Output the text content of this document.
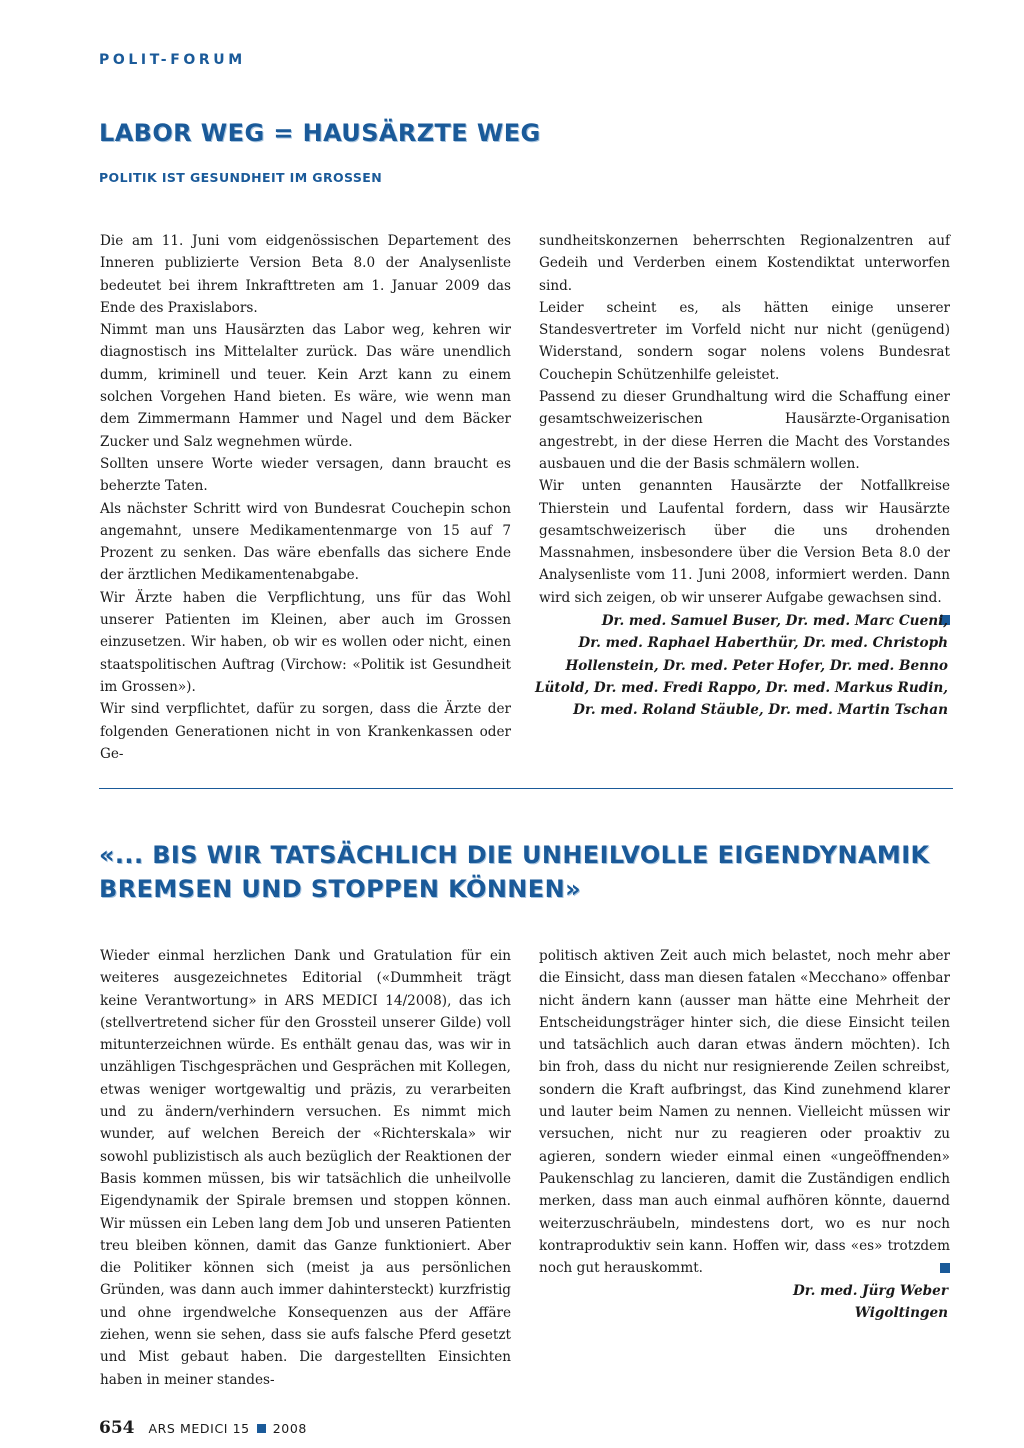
POLIT-FORUM
LABOR WEG = HAUSÄRZTE WEG
POLITIK IST GESUNDHEIT IM GROSSEN

Die am 11. Juni vom eidgenössischen Departement des Inneren publizierte Version Beta 8.0 der Analysenliste bedeutet bei ihrem Inkrafttreten am 1. Januar 2009 das Ende des Praxislabors.

Nimmt man uns Hausärzten das Labor weg, kehren wir diagnostisch ins Mittelalter zurück. Das wäre unendlich dumm, kriminell und teuer. Kein Arzt kann zu einem solchen Vorgehen Hand bieten. Es wäre, wie wenn man dem Zimmermann Hammer und Nagel und dem Bäcker Zucker und Salz wegnehmen würde.

Sollten unsere Worte wieder versagen, dann braucht es beherzte Taten.

Als nächster Schritt wird von Bundesrat Couchepin schon angemahnt, unsere Medikamentenmarge von 15 auf 7 Prozent zu senken. Das wäre ebenfalls das sichere Ende der ärztlichen Medikamentenabgabe.

Wir Ärzte haben die Verpflichtung, uns für das Wohl unserer Patienten im Kleinen, aber auch im Grossen einzusetzen. Wir haben, ob wir es wollen oder nicht, einen staatspolitischen Auftrag (Virchow: «Politik ist Gesundheit im Grossen»).

Wir sind verpflichtet, dafür zu sorgen, dass die Ärzte der folgenden Generationen nicht in von Krankenkassen oder Ge-

sundheitskonzernen beherrschten Regionalzentren auf Gedeih und Verderben einem Kostendiktat unterworfen sind.

Leider scheint es, als hätten einige unserer Standesvertreter im Vorfeld nicht nur nicht (genügend) Widerstand, sondern sogar nolens volens Bundesrat Couchepin Schützenhilfe geleistet.

Passend zu dieser Grundhaltung wird die Schaffung einer gesamtschweizerischen Hausärzte-Organisation angestrebt, in der diese Herren die Macht des Vorstandes ausbauen und die der Basis schmälern wollen.

Wir unten genannten Hausärzte der Notfallkreise Thierstein und Laufental fordern, dass wir Hausärzte gesamtschweizerisch über die uns drohenden Massnahmen, insbesondere über die Version Beta 8.0 der Analysenliste vom 11. Juni 2008, informiert werden. Dann wird sich zeigen, ob wir unserer Aufgabe gewachsen sind.

Dr. med. Samuel Buser, Dr. med. Marc Cueni,
Dr. med. Raphael Haberthür, Dr. med. Christoph
Hollenstein, Dr. med. Peter Hofer, Dr. med. Benno
Lütold, Dr. med. Fredi Rappo, Dr. med. Markus Rudin,
Dr. med. Roland Stäuble, Dr. med. Martin Tschan
«... BIS WIR TATSÄCHLICH DIE UNHEILVOLLE EIGENDYNAMIK
BREMSEN UND STOPPEN KÖNNEN»

Wieder einmal herzlichen Dank und Gratulation für ein weiteres ausgezeichnetes Editorial («Dummheit trägt keine Verantwortung» in ARS MEDICI 14/2008), das ich (stellvertretend sicher für den Grossteil unserer Gilde) voll mitunterzeichnen würde. Es enthält genau das, was wir in unzähligen Tischgesprächen und Gesprächen mit Kollegen, etwas weniger wortgewaltig und präzis, zu verarbeiten und zu ändern/verhindern versuchen. Es nimmt mich wunder, auf welchen Bereich der «Richterskala» wir sowohl publizistisch als auch bezüglich der Reaktionen der Basis kommen müssen, bis wir tatsächlich die unheilvolle Eigendynamik der Spirale bremsen und stoppen können. Wir müssen ein Leben lang dem Job und unseren Patienten treu bleiben können, damit das Ganze funktioniert. Aber die Politiker können sich (meist ja aus persönlichen Gründen, was dann auch immer dahintersteckt) kurzfristig und ohne irgendwelche Konsequenzen aus der Affäre ziehen, wenn sie sehen, dass sie aufs falsche Pferd gesetzt und Mist gebaut haben. Die dargestellten Einsichten haben in meiner standes-

politisch aktiven Zeit auch mich belastet, noch mehr aber die Einsicht, dass man diesen fatalen «Mecchano» offenbar nicht ändern kann (ausser man hätte eine Mehrheit der Entscheidungsträger hinter sich, die diese Einsicht teilen und tatsächlich auch daran etwas ändern möchten). Ich bin froh, dass du nicht nur resignierende Zeilen schreibst, sondern die Kraft aufbringst, das Kind zunehmend klarer und lauter beim Namen zu nennen. Vielleicht müssen wir versuchen, nicht nur zu reagieren oder proaktiv zu agieren, sondern wieder einmal einen «ungeöffnenden» Paukenschlag zu lancieren, damit die Zuständigen endlich merken, dass man auch einmal aufhören könnte, dauernd weiterzuschräubeln, mindestens dort, wo es nur noch kontraproduktiv sein kann. Hoffen wir, dass «es» trotzdem noch gut herauskommt.

Dr. med. Jürg Weber
Wigoltingen
654 ARS MEDICI 15 2008
